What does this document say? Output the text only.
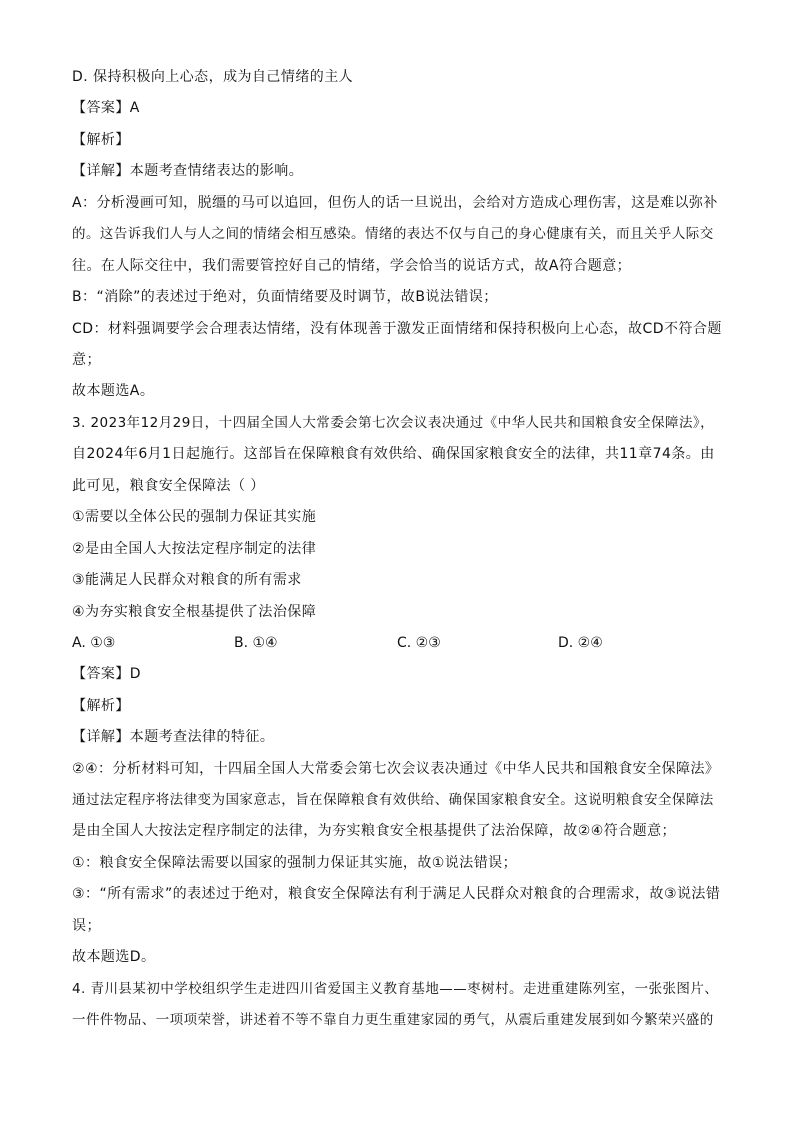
D. 保持积极向上心态，成为自己情绪的主人
【答案】A
【解析】
【详解】本题考查情绪表达的影响。
A：分析漫画可知，脱缰的马可以追回，但伤人的话一旦说出，会给对方造成心理伤害，这是难以弥补
的。这告诉我们人与人之间的情绪会相互感染。情绪的表达不仅与自己的身心健康有关，而且关乎人际交
往。在人际交往中，我们需要管控好自己的情绪，学会恰当的说话方式，故A符合题意；
B：“消除”的表述过于绝对，负面情绪要及时调节，故B说法错误；
CD：材料强调要学会合理表达情绪，没有体现善于激发正面情绪和保持积极向上心态，故CD不符合题
意；
故本题选A。
3. 2023年12月29日，十四届全国人大常委会第七次会议表决通过《中华人民共和国粮食安全保障法》，
自2024年6月1日起施行。这部旨在保障粮食有效供给、确保国家粮食安全的法律，共11章74条。由
此可见，粮食安全保障法（ ）
①需要以全体公民的强制力保证其实施
②是由全国人大按法定程序制定的法律
③能满足人民群众对粮食的所有需求
④为夯实粮食安全根基提供了法治保障
A. ①③	B. ①④	C. ②③	D. ②④
【答案】D
【解析】
【详解】本题考查法律的特征。
②④：分析材料可知，十四届全国人大常委会第七次会议表决通过《中华人民共和国粮食安全保障法》
通过法定程序将法律变为国家意志，旨在保障粮食有效供给、确保国家粮食安全。这说明粮食安全保障法
是由全国人大按法定程序制定的法律，为夯实粮食安全根基提供了法治保障，故②④符合题意；
①：粮食安全保障法需要以国家的强制力保证其实施，故①说法错误；
③：“所有需求”的表述过于绝对，粮食安全保障法有利于满足人民群众对粮食的合理需求，故③说法错
误；
故本题选D。
4. 青川县某初中学校组织学生走进四川省爱国主义教育基地——枣树村。走进重建陈列室，一张张图片、
一件件物品、一项项荣誉，讲述着不等不靠自力更生重建家园的勇气，从震后重建发展到如今繁荣兴盛的
